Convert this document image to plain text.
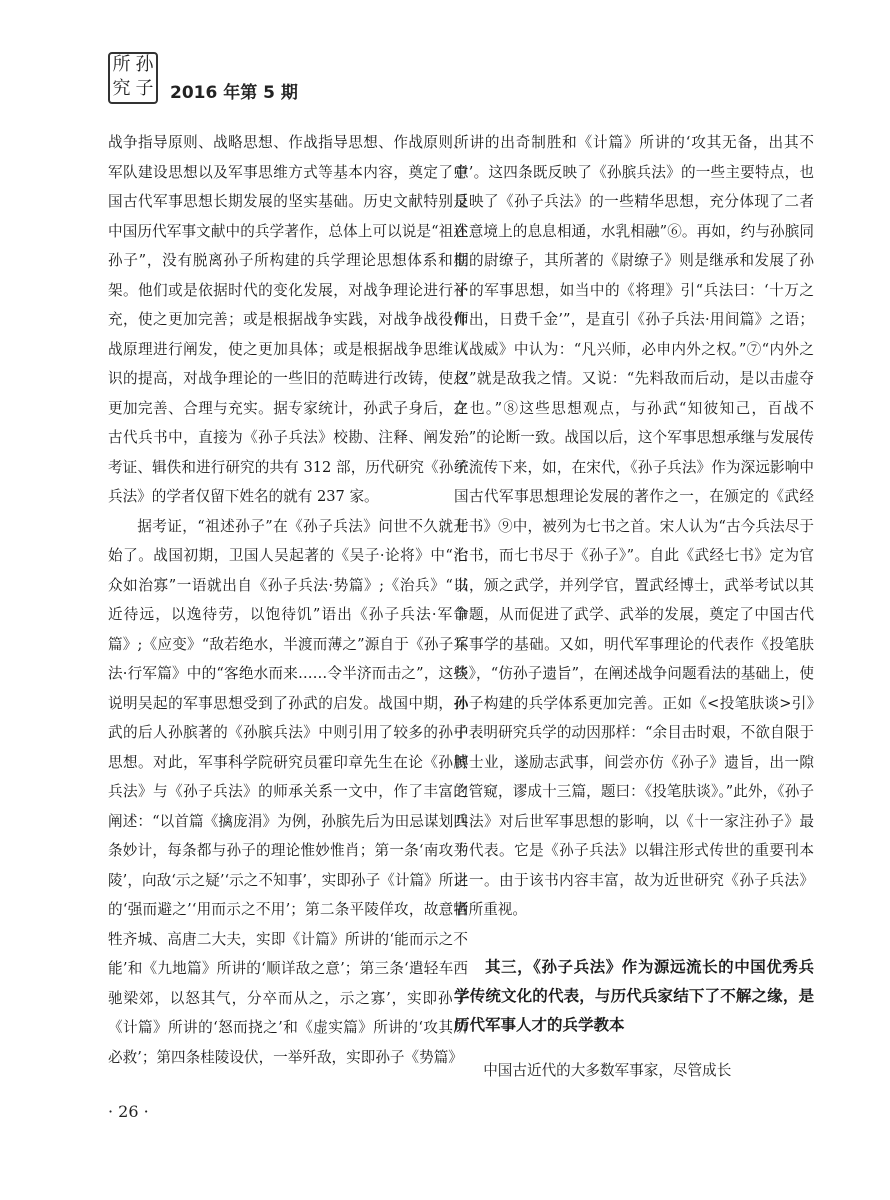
所 孙
究 子 2016 年第 5 期

战争指导原则、战略思想、作战指导思想、作战原则、军队建设思想以及军事思维方式等基本内容，奠定了中国古代军事思想长期发展的坚实基础。历史文献特别是中国历代军事文献中的兵学著作，总体上可以说是“祖述孙子”，没有脱离孙子所构建的兵学理论思想体系和框架。他们或是依据时代的变化发展，对战争理论进行补充，使之更加完善；或是根据战争实践，对战争战役作战原理进行阐发，使之更加具体；或是根据战争思维认识的提高，对战争理论的一些旧的范畴进行改铸，使之更加完善、合理与充实。据专家统计，孙武子身后，在古代兵书中，直接为《孙子兵法》校勘、注释、阐发、考证、辑佚和进行研究的共有 312 部，历代研究《孙子兵法》的学者仅留下姓名的就有 237 家。

据考证，“祖述孙子”在《孙子兵法》问世不久就开始了。战国初期，卫国人吴起著的《吴子·论将》中“治众如治寡”一语就出自《孙子兵法·势篇》;《治兵》“以近待远，以逸待劳，以饱待饥”语出《孙子兵法·军争篇》;《应变》“敌若绝水，半渡而薄之”源自于《孙子兵法·行军篇》中的“客绝水而来……令半济而击之”，这些说明吴起的军事思想受到了孙武的启发。战国中期，孙武的后人孙膑著的《孙膑兵法》中则引用了较多的孙子思想。对此，军事科学院研究员霍印章先生在论《孙膑兵法》与《孙子兵法》的师承关系一文中，作了丰富的阐述：“以首篇《擒庞涓》为例，孙膑先后为田忌谋划四条妙计，每条都与孙子的理论惟妙惟肖；第一条‘南攻平陵’，向敌‘示之疑’‘示之不知事’，实即孙子《计篇》所讲的‘强而避之’‘用而示之不用’；第二条平陵佯攻，故意牺牲齐城、高唐二大夫，实即《计篇》所讲的‘能而示之不能’和《九地篇》所讲的‘顺详敌之意’；第三条‘遣轻车西驰梁郊，以怒其气，分卒而从之，示之寡’，实即孙子《计篇》所讲的‘怒而挠之’和《虚实篇》所讲的‘攻其所必救’；第四条桂陵设伏，一举歼敌，实即孙子《势篇》

所讲的出奇制胜和《计篇》所讲的‘攻其无备，出其不意’。这四条既反映了《孙膑兵法》的一些主要特点，也反映了《孙子兵法》的一些精华思想，充分体现了二者在意境上的息息相通，水乳相融”⑥。再如，约与孙膑同期的尉缭子，其所著的《尉缭子》则是继承和发展了孙子的军事思想，如当中的《将理》引“兵法曰：‘十万之师出，日费千金’”，是直引《孙子兵法·用间篇》之语；《战威》中认为：“凡兴师，必申内外之权。”⑦“内外之权”就是敌我之情。又说：“先料敌而后动，是以击虚夺之也。”⑧这些思想观点，与孙武“知彼知己，百战不殆”的论断一致。战国以后，这个军事思想承继与发展传统流传下来，如，在宋代，《孙子兵法》作为深远影响中国古代军事思想理论发展的著作之一，在颁定的《武经七书》⑨中，被列为七书之首。宋人认为“古今兵法尽于七书，而七书尽于《孙子》”。自此《武经七书》定为官书，颁之武学，并列学官，置武经博士，武举考试以其命题，从而促进了武学、武举的发展，奠定了中国古代军事学的基础。又如，明代军事理论的代表作《投笔肤谈》，“仿孙子遗旨”，在阐述战争问题看法的基础上，使孙子构建的兵学体系更加完善。正如《<投笔肤谈>引》中表明研究兵学的动因那样：“余目击时艰，不欲自限于博士业，遂励志武事，间尝亦仿《孙子》遗旨，出一隙之管窥，谬成十三篇，题曰：《投笔肤谈》。”此外，《孙子兵法》对后世军事思想的影响，以《十一家注孙子》最为代表。它是《孙子兵法》以辑注形式传世的重要刊本之一。由于该书内容丰富，故为近世研究《孙子兵法》者所重视。

其三，《孙子兵法》作为源远流长的中国优秀兵学传统文化的代表，与历代兵家结下了不解之缘，是历代军事人才的兵学教本

中国古近代的大多数军事家，尽管成长

· 26 ·
